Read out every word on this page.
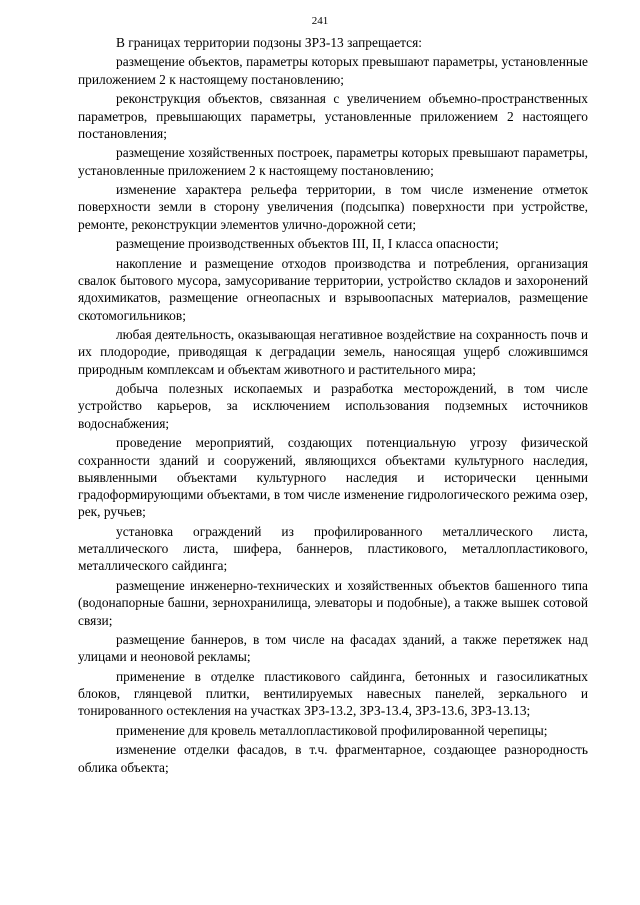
241

В границах территории подзоны ЗРЗ-13 запрещается:

размещение объектов, параметры которых превышают параметры, установленные приложением 2 к настоящему постановлению;

реконструкция объектов, связанная с увеличением объемно-пространственных параметров, превышающих параметры, установленные приложением 2 настоящего постановления;

размещение хозяйственных построек, параметры которых превышают параметры, установленные приложением 2 к настоящему постановлению;

изменение характера рельефа территории, в том числе изменение отметок поверхности земли в сторону увеличения (подсыпка) поверхности при устройстве, ремонте, реконструкции элементов улично-дорожной сети;

размещение производственных объектов III, II, I класса опасности;

накопление и размещение отходов производства и потребления, организация свалок бытового мусора, замусоривание территории, устройство складов и захоронений ядохимикатов, размещение огнеопасных и взрывоопасных материалов, размещение скотомогильников;

любая деятельность, оказывающая негативное воздействие на сохранность почв и их плодородие, приводящая к деградации земель, наносящая ущерб сложившимся природным комплексам и объектам животного и растительного мира;

добыча полезных ископаемых и разработка месторождений, в том числе устройство карьеров, за исключением использования подземных источников водоснабжения;

проведение мероприятий, создающих потенциальную угрозу физической сохранности зданий и сооружений, являющихся объектами культурного наследия, выявленными объектами культурного наследия и исторически ценными градоформирующими объектами, в том числе изменение гидрологического режима озер, рек, ручьев;

установка ограждений из профилированного металлического листа, металлического листа, шифера, баннеров, пластикового, металлопластикового, металлического сайдинга;

размещение инженерно-технических и хозяйственных объектов башенного типа (водонапорные башни, зернохранилища, элеваторы и подобные), а также вышек сотовой связи;

размещение баннеров, в том числе на фасадах зданий, а также перетяжек над улицами и неоновой рекламы;

применение в отделке пластикового сайдинга, бетонных и газосиликатных блоков, глянцевой плитки, вентилируемых навесных панелей, зеркального и тонированного остекления на участках ЗРЗ-13.2, ЗРЗ-13.4, ЗРЗ-13.6, ЗРЗ-13.13;

применение для кровель металлопластиковой профилированной черепицы;

изменение отделки фасадов, в т.ч. фрагментарное, создающее разнородность облика объекта;
